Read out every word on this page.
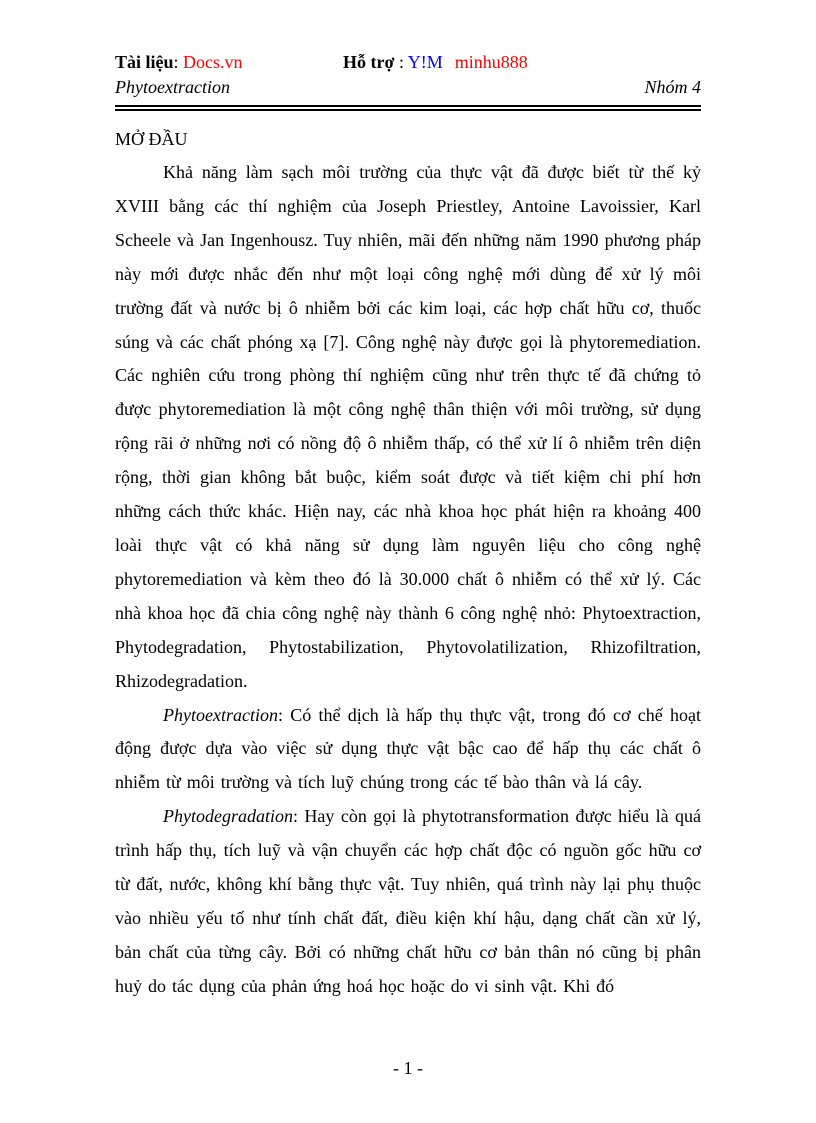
Tài liệu: Docs.vn	Hỗ trợ : Y!M minhu888
Phytoextraction	Nhóm 4
MỞ ĐẦU

Khả năng làm sạch môi trường của thực vật đã được biết từ thế kỷ XVIII bằng các thí nghiệm của Joseph Priestley, Antoine Lavoissier, Karl Scheele và Jan Ingenhousz. Tuy nhiên, mãi đến những năm 1990 phương pháp này mới được nhắc đến như một loại công nghệ mới dùng để xử lý môi trường đất và nước bị ô nhiễm bởi các kim loại, các hợp chất hữu cơ, thuốc súng và các chất phóng xạ [7]. Công nghệ này được gọi là phytoremediation. Các nghiên cứu trong phòng thí nghiệm cũng như trên thực tế đã chứng tỏ được phytoremediation là một công nghệ thân thiện với môi trường, sử dụng rộng rãi ở những nơi có nồng độ ô nhiễm thấp, có thể xử lí ô nhiễm trên diện rộng, thời gian không bắt buộc, kiểm soát được và tiết kiệm chi phí hơn những cách thức khác. Hiện nay, các nhà khoa học phát hiện ra khoảng 400 loài thực vật có khả năng sử dụng làm nguyên liệu cho công nghệ phytoremediation và kèm theo đó là 30.000 chất ô nhiễm có thể xử lý. Các nhà khoa học đã chia công nghệ này thành 6 công nghệ nhỏ: Phytoextraction, Phytodegradation, Phytostabilization, Phytovolatilization, Rhizofiltration, Rhizodegradation.

Phytoextraction: Có thể dịch là hấp thụ thực vật, trong đó cơ chế hoạt động được dựa vào việc sử dụng thực vật bậc cao để hấp thụ các chất ô nhiễm từ môi trường và tích luỹ chúng trong các tế bào thân và lá cây.

Phytodegradation: Hay còn gọi là phytotransformation được hiểu là quá trình hấp thụ, tích luỹ và vận chuyển các hợp chất độc có nguồn gốc hữu cơ từ đất, nước, không khí bằng thực vật. Tuy nhiên, quá trình này lại phụ thuộc vào nhiều yếu tố như tính chất đất, điều kiện khí hậu, dạng chất cần xử lý, bản chất của từng cây. Bởi có những chất hữu cơ bản thân nó cũng bị phân huỷ do tác dụng của phản ứng hoá học hoặc do vi sinh vật. Khi đó

- 1 -
